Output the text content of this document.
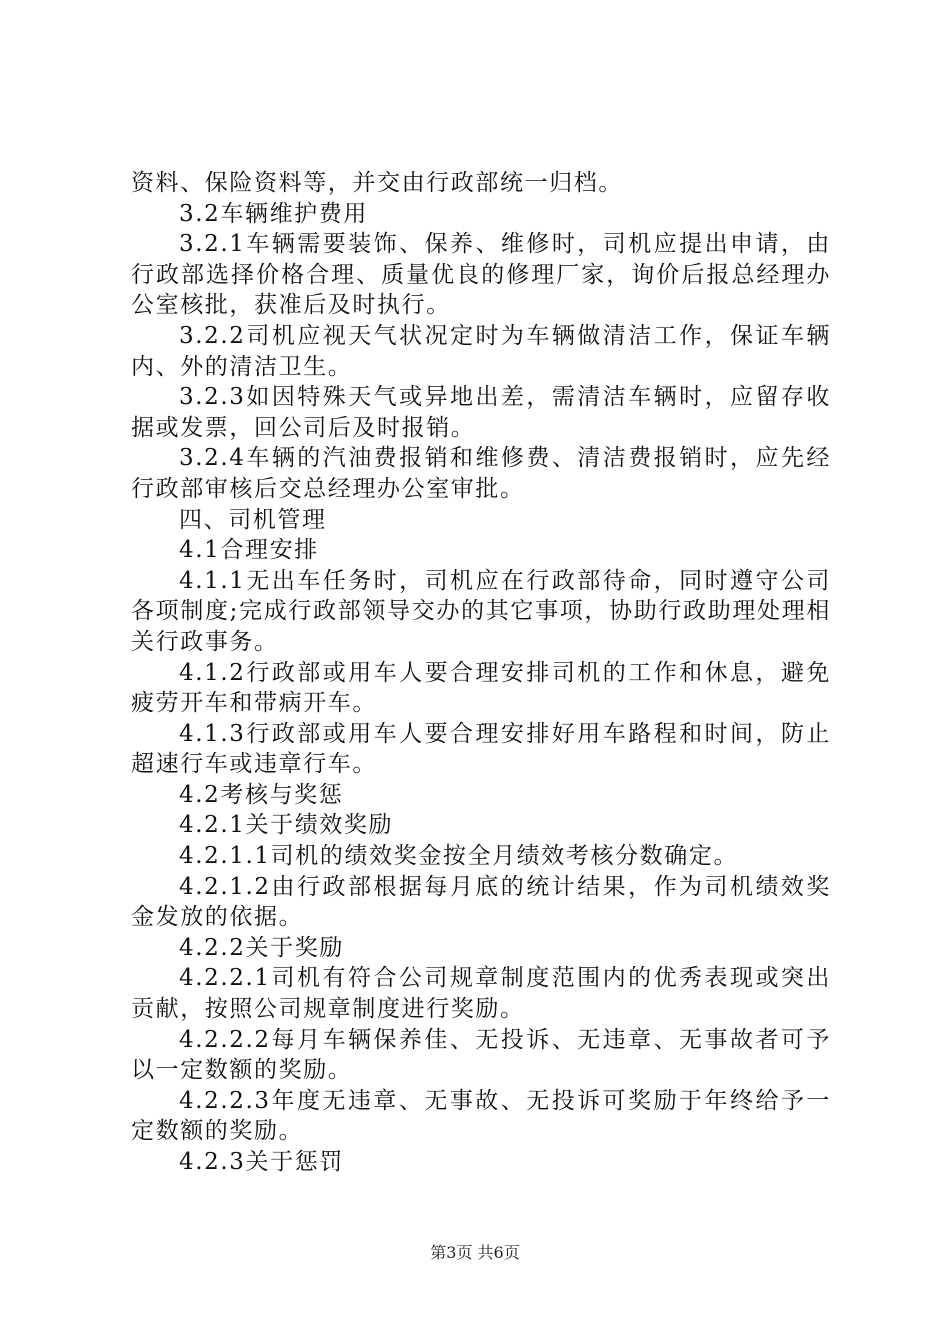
资料、保险资料等，并交由行政部统一归档。

3.2车辆维护费用

3.2.1车辆需要装饰、保养、维修时，司机应提出申请，由行政部选择价格合理、质量优良的修理厂家，询价后报总经理办公室核批，获准后及时执行。

3.2.2司机应视天气状况定时为车辆做清洁工作，保证车辆内、外的清洁卫生。

3.2.3如因特殊天气或异地出差，需清洁车辆时，应留存收据或发票，回公司后及时报销。

3.2.4车辆的汽油费报销和维修费、清洁费报销时，应先经行政部审核后交总经理办公室审批。

四、司机管理

4.1合理安排

4.1.1无出车任务时，司机应在行政部待命，同时遵守公司各项制度;完成行政部领导交办的其它事项，协助行政助理处理相关行政事务。

4.1.2行政部或用车人要合理安排司机的工作和休息，避免疲劳开车和带病开车。

4.1.3行政部或用车人要合理安排好用车路程和时间，防止超速行车或违章行车。

4.2考核与奖惩

4.2.1关于绩效奖励

4.2.1.1司机的绩效奖金按全月绩效考核分数确定。

4.2.1.2由行政部根据每月底的统计结果，作为司机绩效奖金发放的依据。

4.2.2关于奖励

4.2.2.1司机有符合公司规章制度范围内的优秀表现或突出贡献，按照公司规章制度进行奖励。

4.2.2.2每月车辆保养佳、无投诉、无违章、无事故者可予以一定数额的奖励。

4.2.2.3年度无违章、无事故、无投诉可奖励于年终给予一定数额的奖励。

4.2.3关于惩罚

第3页 共6页
